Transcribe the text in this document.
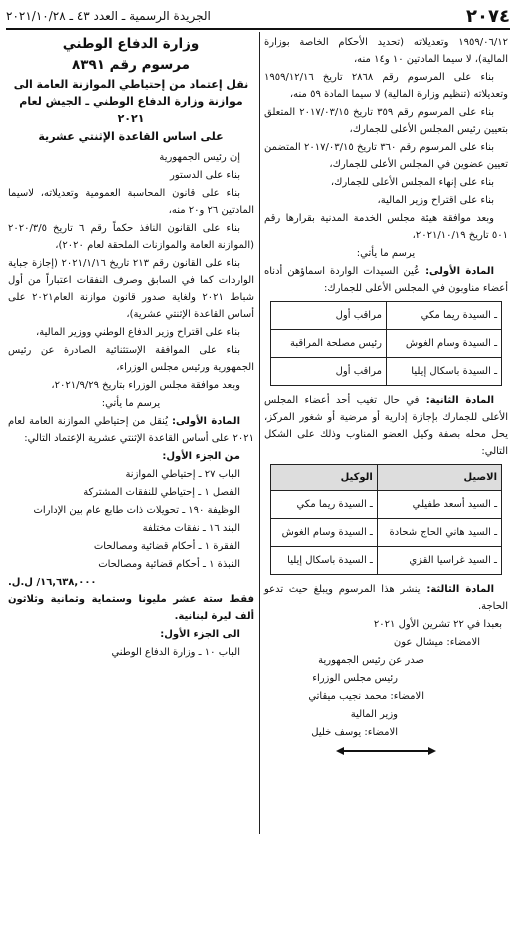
٢٠٧٤
الجريدة الرسمية ـ العدد ٤٣ ـ ٢٠٢١/١٠/٢٨

١٩٥٩/٠٦/١٢ وتعديلاته (تحديد الأحكام الخاصة بوزارة المالية)، لا سيما المادتين ١٠ و١٤ منه،

بناء على المرسوم رقم ٢٨٦٨ تاريخ ١٩٥٩/١٢/١٦ وتعديلاته (تنظيم وزارة المالية) لا سيما المادة ٥٩ منه،

بناء على المرسوم رقم ٣٥٩ تاريخ ٢٠١٧/٠٣/١٥ المتعلق بتعيين رئيس المجلس الأعلى للجمارك،

بناء على المرسوم رقم ٣٦٠ تاريخ ٢٠١٧/٠٣/١٥ المتضمن تعيين عضوين في المجلس الأعلى للجمارك،

بناء على إنهاء المجلس الأعلى للجمارك،

بناء على اقتراح وزير المالية،

وبعد موافقة هيئة مجلس الخدمة المدنية بقرارها رقم ٥٠١ تاريخ ٢٠٢١/١٠/١٩،

يرسم ما يأتي:

المادة الأولى: عُين السيدات الواردة اسماؤهن أدناه أعضاء مناوبون في المجلس الأعلى للجمارك:

ـ السيدة ريما مكي	مراقب أول
ـ السيدة وسام الغوش	رئيس مصلحة المراقبة
ـ السيدة باسكال إيليا	مراقب أول

المادة الثانية: في حال تغيب أحد أعضاء المجلس الأعلى للجمارك بإجازة إدارية أو مرضية أو شغور المركز، يحل محله بصفة وكيل العضو المناوب وذلك على الشكل التالي:

الاصيل	الوكيل
ـ السيد أسعد طفيلي	ـ السيدة ريما مكي
ـ السيد هاني الحاج شحادة	ـ السيدة وسام الغوش
ـ السيد غراسيا القزي	ـ السيدة باسكال إيليا

المادة الثالثة: ينشر هذا المرسوم ويبلغ حيث تدعو الحاجة.

بعبدا في ٢٢ تشرين الأول ٢٠٢١

الامضاء: ميشال عون

صدر عن رئيس الجمهورية

رئيس مجلس الوزراء

الامضاء: محمد نجيب ميقاتي

وزير المالية

الامضاء: يوسف خليل

وزارة الدفاع الوطني

مرسوم رقم ٨٣٩١

نقل إعتماد من إحتياطي الموازنة العامة الى موازنة وزارة الدفاع الوطني ـ الجيش لعام ٢٠٢١

على اساس القاعدة الإثنتي عشرية

إن رئيس الجمهورية

بناء على الدستور

بناء على قانون المحاسبة العمومية وتعديلاته، لاسيما المادتين ٢٦ و٢٠ منه،

بناء على القانون النافذ حكماً رقم ٦ تاريخ ٢٠٢٠/٣/٥ (الموازنة العامة والموازنات الملحقة لعام ٢٠٢٠)،

بناء على القانون رقم ٢١٣ تاريخ ٢٠٢١/١/١٦ (إجازة جباية الواردات كما في السابق وصرف النفقات اعتباراً من أول شباط ٢٠٢١ ولغاية صدور قانون موازنة العام٢٠٢١ على أساس القاعدة الإثنتي عشرية)،

بناء على اقتراح وزير الدفاع الوطني ووزير المالية،

بناء على الموافقة الإستثنائية الصادرة عن رئيس الجمهورية ورئيس مجلس الوزراء،

وبعد موافقة مجلس الوزراء بتاريخ ٢٠٢١/٩/٢٩،

يرسم ما يأتي:

المادة الأولى: يُنقل من إحتياطي الموازنة العامة لعام ٢٠٢١ على أساس القاعدة الإثنتي عشرية الإعتماد التالي:

من الجزء الأول:

الباب ٢٧ ـ إحتياطي الموازنة

الفصل ١ ـ إحتياطي للنفقات المشتركة

الوظيفة ١٩٠ ـ تحويلات ذات طابع عام بين الإدارات

البند ١٦ ـ نفقات مختلفة

الفقرة ١ ـ أحكام قضائية ومصالحات

النبذة ١ ـ أحكام قضائية ومصالحات

١٦,٦٣٨,٠٠٠/ ل.ل.

فقط ستة عشر مليونا وستماية وثمانية وثلاثون ألف ليرة لبنانية.

الى الجزء الأول:

الباب ١٠ ـ وزارة الدفاع الوطني
